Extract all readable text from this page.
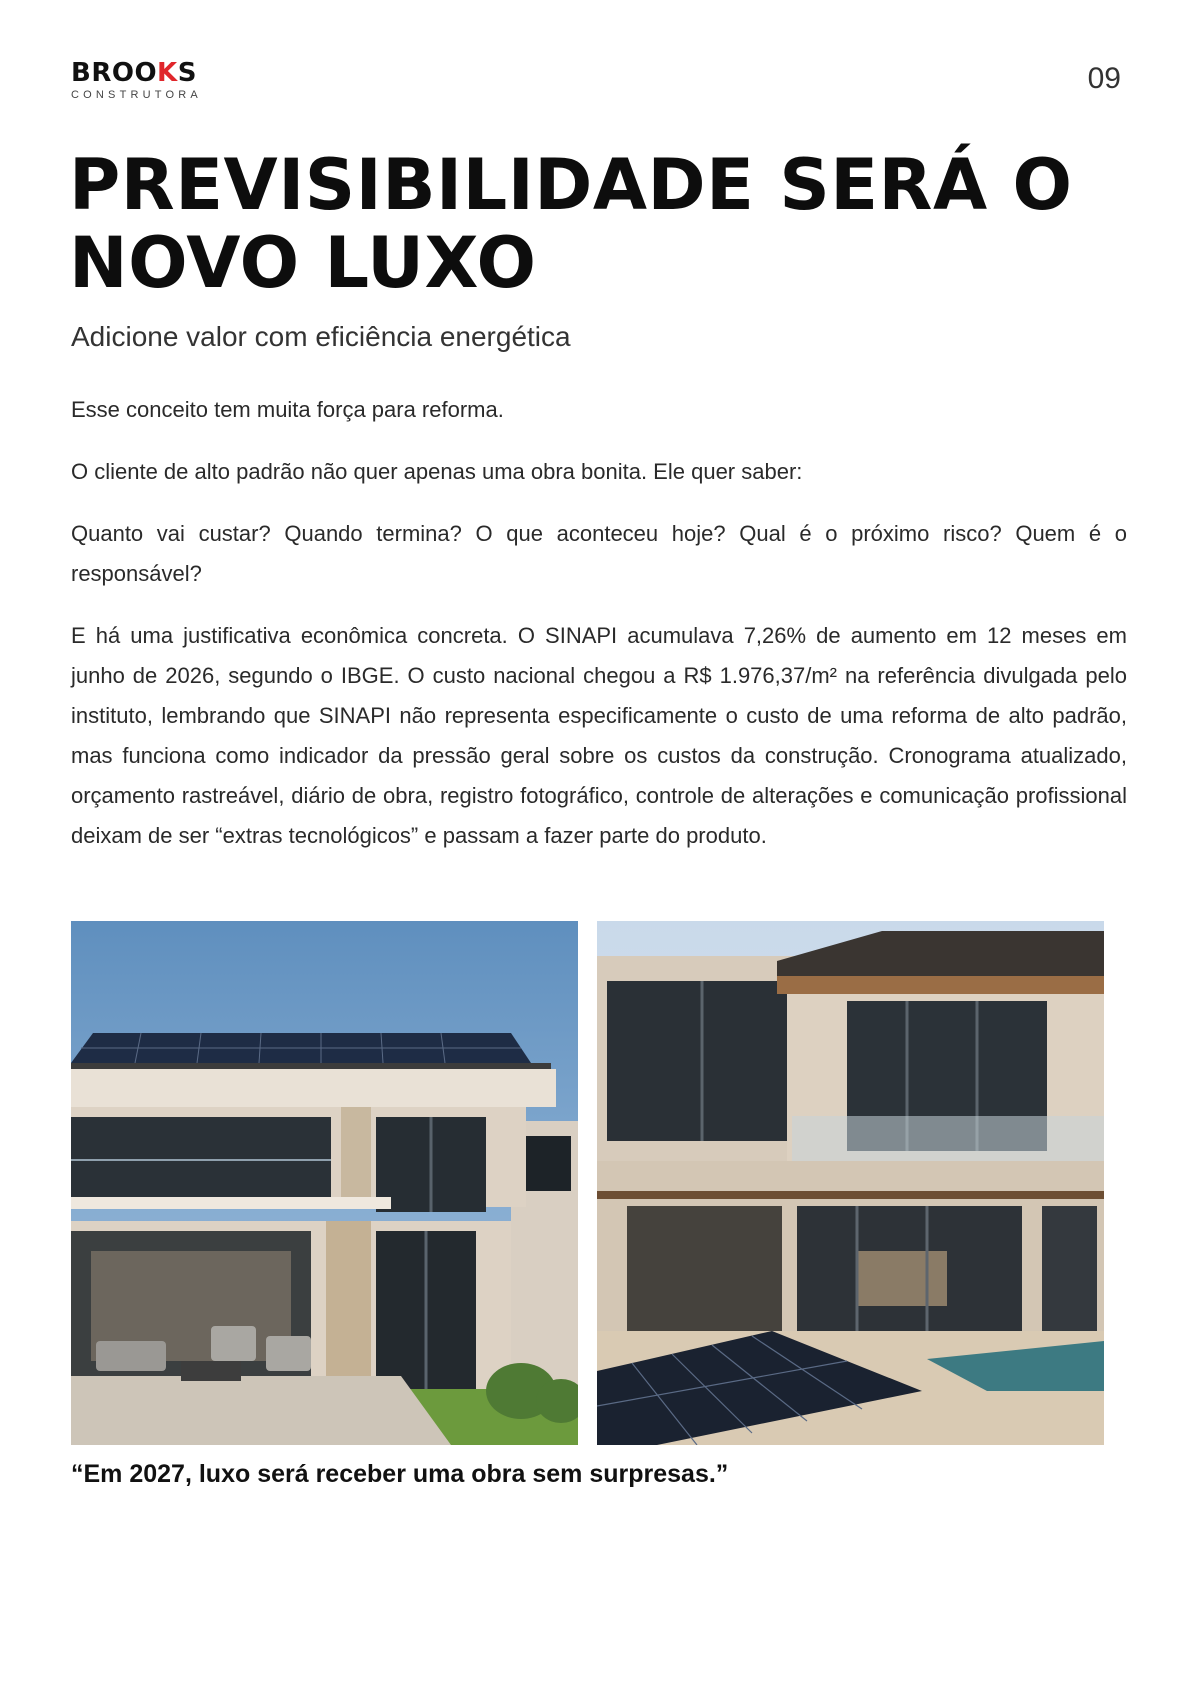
BROOKS
CONSTRUTORA	09
PREVISIBILIDADE SERÁ O NOVO LUXO
Adicione valor com eficiência energética

Esse conceito tem muita força para reforma.

O cliente de alto padrão não quer apenas uma obra bonita. Ele quer saber:

Quanto vai custar? Quando termina? O que aconteceu hoje? Qual é o próximo risco? Quem é o responsável?

E há uma justificativa econômica concreta. O SINAPI acumulava 7,26% de aumento em 12 meses em junho de 2026, segundo o IBGE. O custo nacional chegou a R$ 1.976,37/m² na referência divulgada pelo instituto, lembrando que SINAPI não representa especificamente o custo de uma reforma de alto padrão, mas funciona como indicador da pressão geral sobre os custos da construção. Cronograma atualizado, orçamento rastreável, diário de obra, registro fotográfico, controle de alterações e comunicação profissional deixam de ser “extras tecnológicos” e passam a fazer parte do produto.

“Em 2027, luxo será receber uma obra sem surpresas.”
